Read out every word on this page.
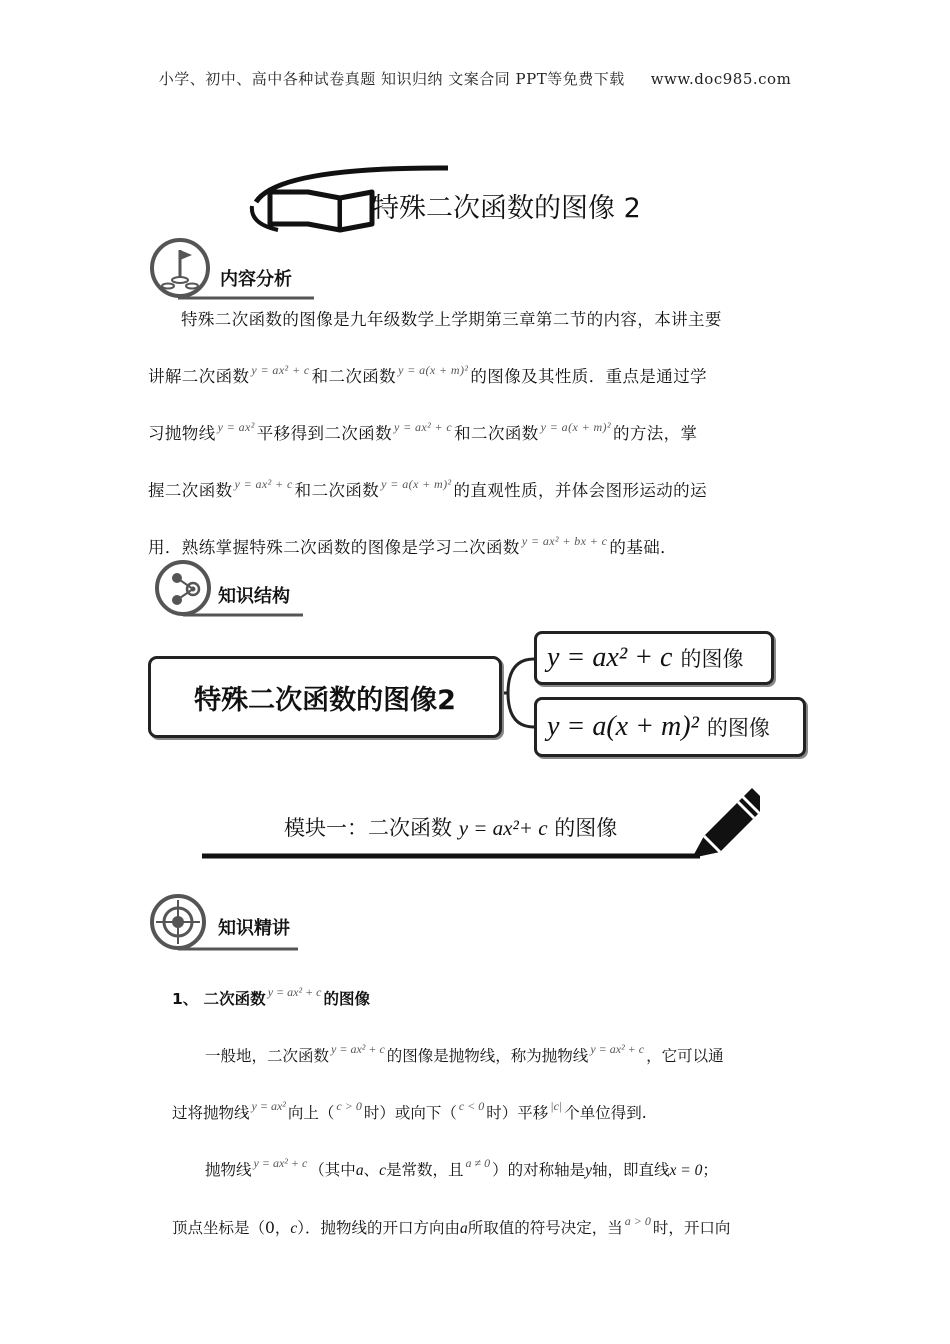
小学、初中、高中各种试卷真题 知识归纳 文案合同 PPT等免费下载 www.doc985.com
特殊二次函数的图像 2
内容分析
特殊二次函数的图像是九年级数学上学期第三章第二节的内容，本讲主要
讲解二次函数 $^{y = ax^2 + c}$ 和二次函数 $^{y = a(x + m)^2}$ 的图像及其性质．重点是通过学
习抛物线 $^{y = ax^2}$ 平移得到二次函数 $^{y = ax^2 + c}$ 和二次函数 $^{y = a(x + m)^2}$ 的方法，掌
握二次函数 $^{y = ax^2 + c}$ 和二次函数 $^{y = a(x + m)^2}$ 的直观性质，并体会图形运动的运
用．熟练掌握特殊二次函数的图像是学习二次函数 $^{y = ax^2 + bx + c}$ 的基础．
知识结构
特殊二次函数的图像2
y = ax² + c 的图像
y = a(x + m)² 的图像
模块一：二次函数 y = ax²+ c 的图像
知识精讲
1、 二次函数 $^{y = ax^2 + c}$ 的图像
一般地，二次函数 $^{y = ax^2 + c}$ 的图像是抛物线，称为抛物线 $^{y = ax^2 + c}$ ，它可以通
过将抛物线 $^{y = ax^2}$ 向上（ $^{c > 0}$ 时）或向下（ $^{c < 0}$ 时）平移 $^{|c|}$ 个单位得到.
抛物线 $^{y = ax^2 + c}$ （其中a、c是常数，且 $^{a \ne 0}$ ）的对称轴是y轴，即直线x = 0；
顶点坐标是（0，c）．抛物线的开口方向由a所取值的符号决定，当 $^{a > 0}$ 时，开口向
